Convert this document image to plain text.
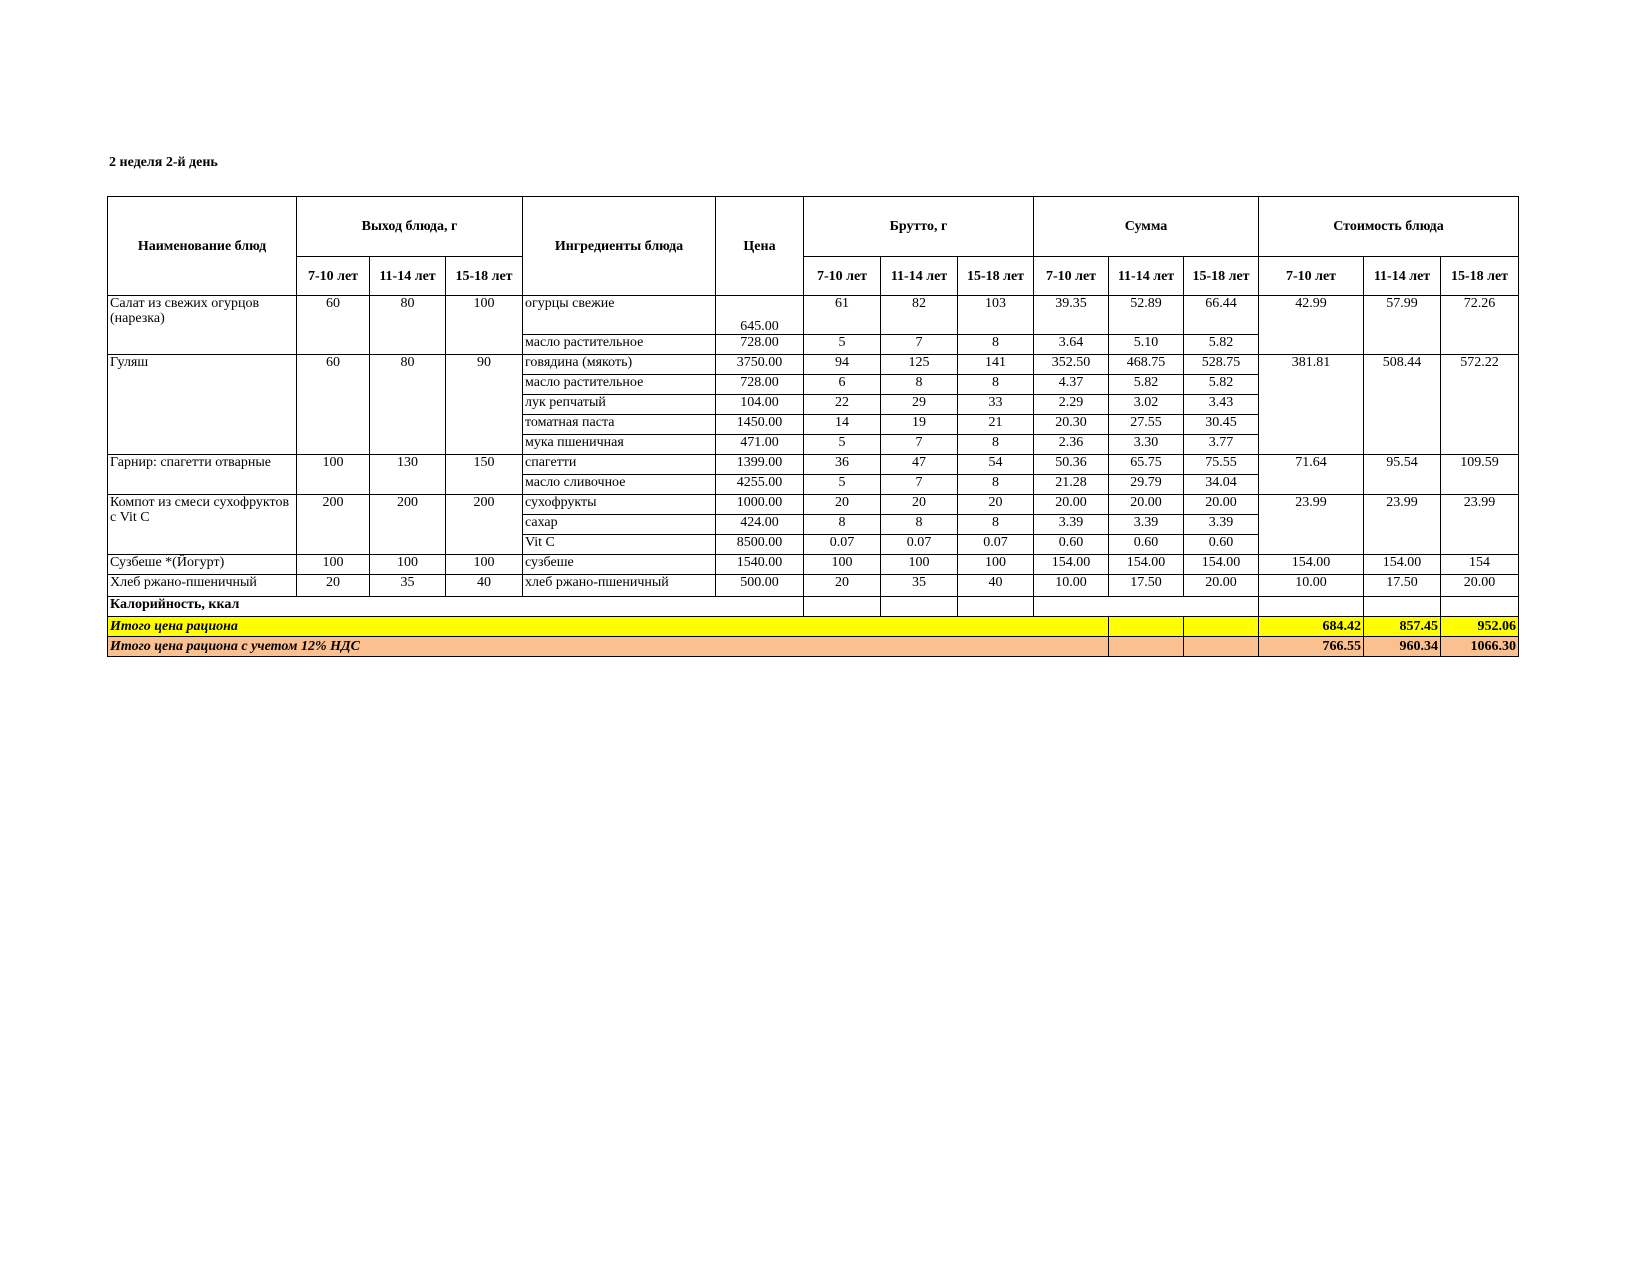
2 неделя 2-й день
Наименование блюд	Выход блюда, г			Ингредиенты блюда	Цена	Брутто, г			Сумма			Стоимость блюда		
	7-10 лет	11-14 лет	15-18 лет			7-10 лет	11-14 лет	15-18 лет	7-10 лет	11-14 лет	15-18 лет	7-10 лет	11-14 лет	15-18 лет
Салат из свежих огурцов (нарезка)	60	80	100	огурцы свежие	645.00	61	82	103	39.35	52.89	66.44	42.99	57.99	72.26
				масло растительное	728.00	5	7	8	3.64	5.10	5.82			
Гуляш	60	80	90	говядина (мякоть)	3750.00	94	125	141	352.50	468.75	528.75	381.81	508.44	572.22
				масло растительное	728.00	6	8	8	4.37	5.82	5.82			
				лук репчатый	104.00	22	29	33	2.29	3.02	3.43			
				томатная паста	1450.00	14	19	21	20.30	27.55	30.45			
				мука пшеничная	471.00	5	7	8	2.36	3.30	3.77			
Гарнир: спагетти отварные	100	130	150	спагетти	1399.00	36	47	54	50.36	65.75	75.55	71.64	95.54	109.59
				масло сливочное	4255.00	5	7	8	21.28	29.79	34.04			
Компот из смеси сухофруктов с Vit C	200	200	200	сухофрукты	1000.00	20	20	20	20.00	20.00	20.00	23.99	23.99	23.99
				сахар	424.00	8	8	8	3.39	3.39	3.39			
				Vit C	8500.00	0.07	0.07	0.07	0.60	0.60	0.60			
Сузбеше *(Йогурт)	100	100	100	сузбеше	1540.00	100	100	100	154.00	154.00	154.00	154.00	154.00	154
Хлеб ржано-пшеничный	20	35	40	хлеб ржано-пшеничный	500.00	20	35	40	10.00	17.50	20.00	10.00	17.50	20.00
Калорийность, ккал														
Итого цена рациона												684.42	857.45	952.06
Итого цена рациона с учетом 12% НДС												766.55	960.34	1066.30
